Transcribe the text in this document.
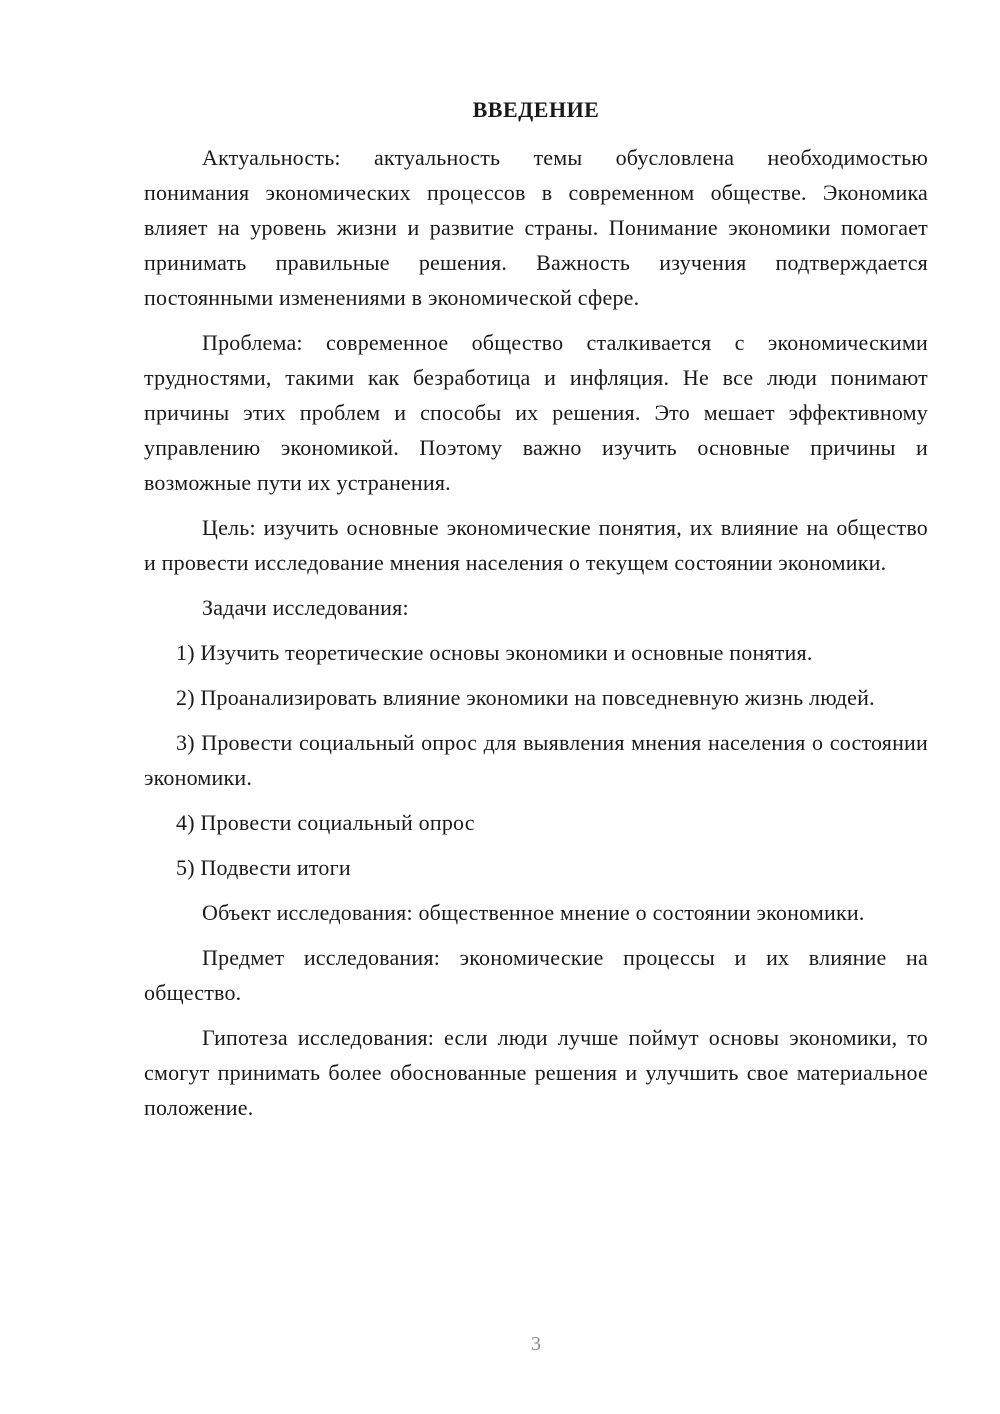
ВВЕДЕНИЕ

Актуальность: актуальность темы обусловлена необходимостью понимания экономических процессов в современном обществе. Экономика влияет на уровень жизни и развитие страны. Понимание экономики помогает принимать правильные решения. Важность изучения подтверждается постоянными изменениями в экономической сфере.

Проблема: современное общество сталкивается с экономическими трудностями, такими как безработица и инфляция. Не все люди понимают причины этих проблем и способы их решения. Это мешает эффективному управлению экономикой. Поэтому важно изучить основные причины и возможные пути их устранения.

Цель: изучить основные экономические понятия, их влияние на общество и провести исследование мнения населения о текущем состоянии экономики.

Задачи исследования:

1) Изучить теоретические основы экономики и основные понятия.

2) Проанализировать влияние экономики на повседневную жизнь людей.

3) Провести социальный опрос для выявления мнения населения о состоянии экономики.

4) Провести социальный опрос

5) Подвести итоги

Объект исследования: общественное мнение о состоянии экономики.

Предмет исследования: экономические процессы и их влияние на общество.

Гипотеза исследования: если люди лучше поймут основы экономики, то смогут принимать более обоснованные решения и улучшить свое материальное положение.

3
